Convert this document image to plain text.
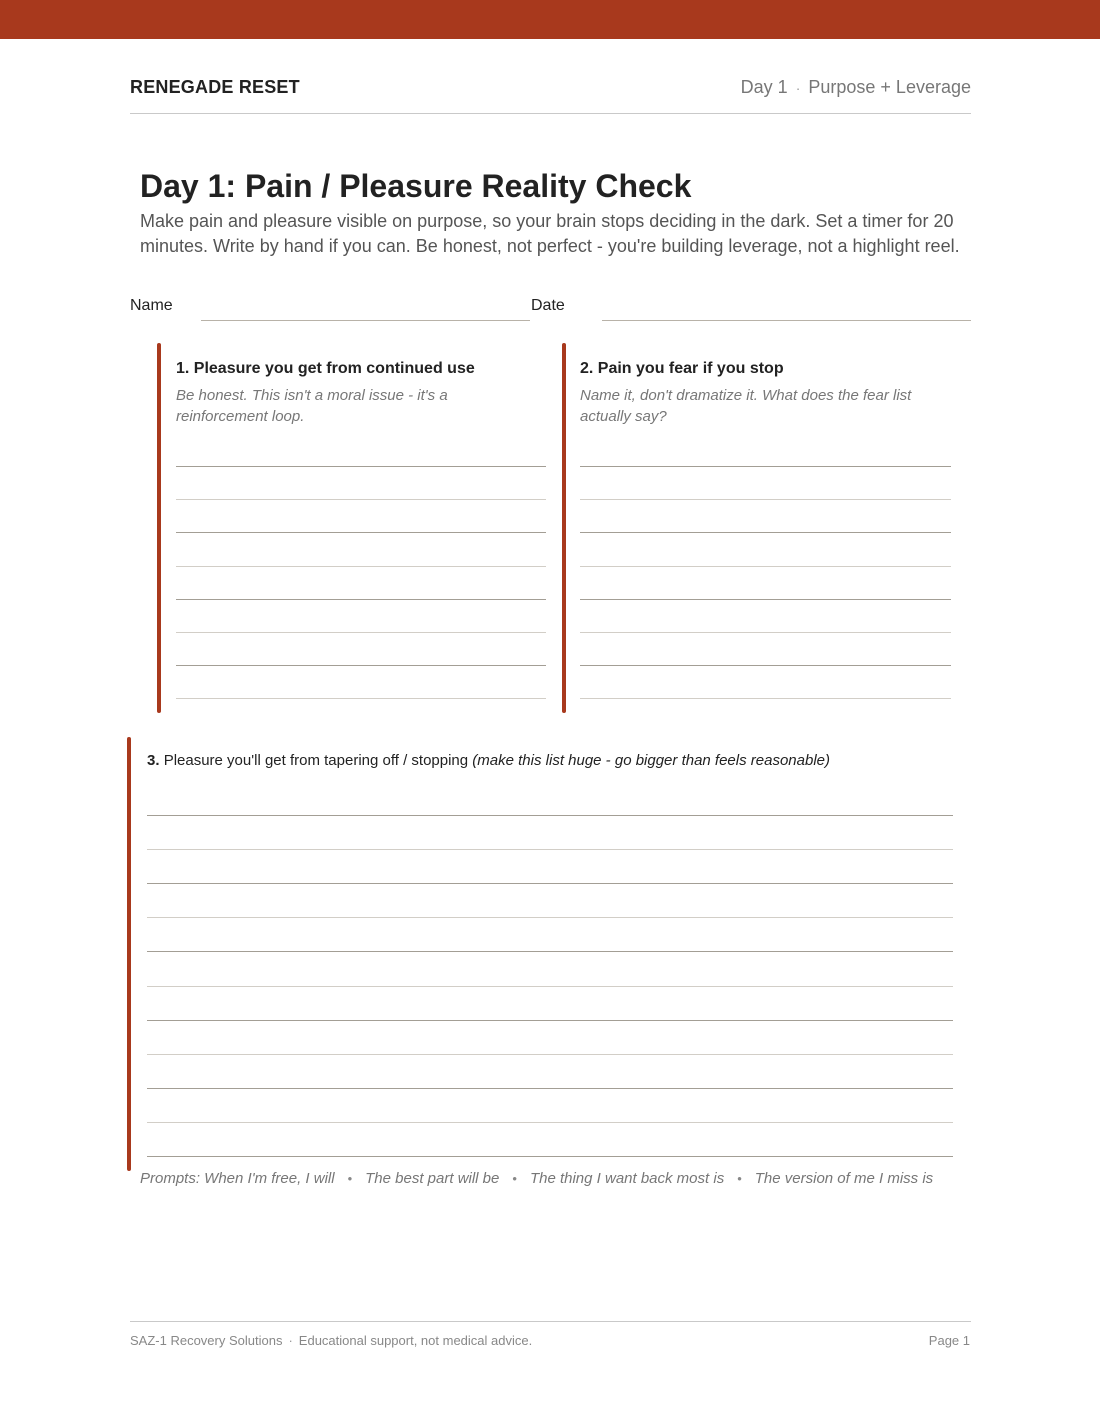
RENEGADE RESET	Day 1 · Purpose + Leverage
Day 1: Pain / Pleasure Reality Check

Make pain and pleasure visible on purpose, so your brain stops deciding in the dark. Set a timer for 20 minutes. Write by hand if you can. Be honest, not perfect - you're building leverage, not a highlight reel.

Name	Date
1. Pleasure you get from continued use
Be honest. This isn't a moral issue - it's a reinforcement loop.
2. Pain you fear if you stop
Name it, don't dramatize it. What does the fear list actually say?
3. Pleasure you'll get from tapering off / stopping (make this list huge - go bigger than feels reasonable)
Prompts: When I'm free, I will • The best part will be • The thing I want back most is • The version of me I miss is
SAZ-1 Recovery Solutions · Educational support, not medical advice.	Page 1
